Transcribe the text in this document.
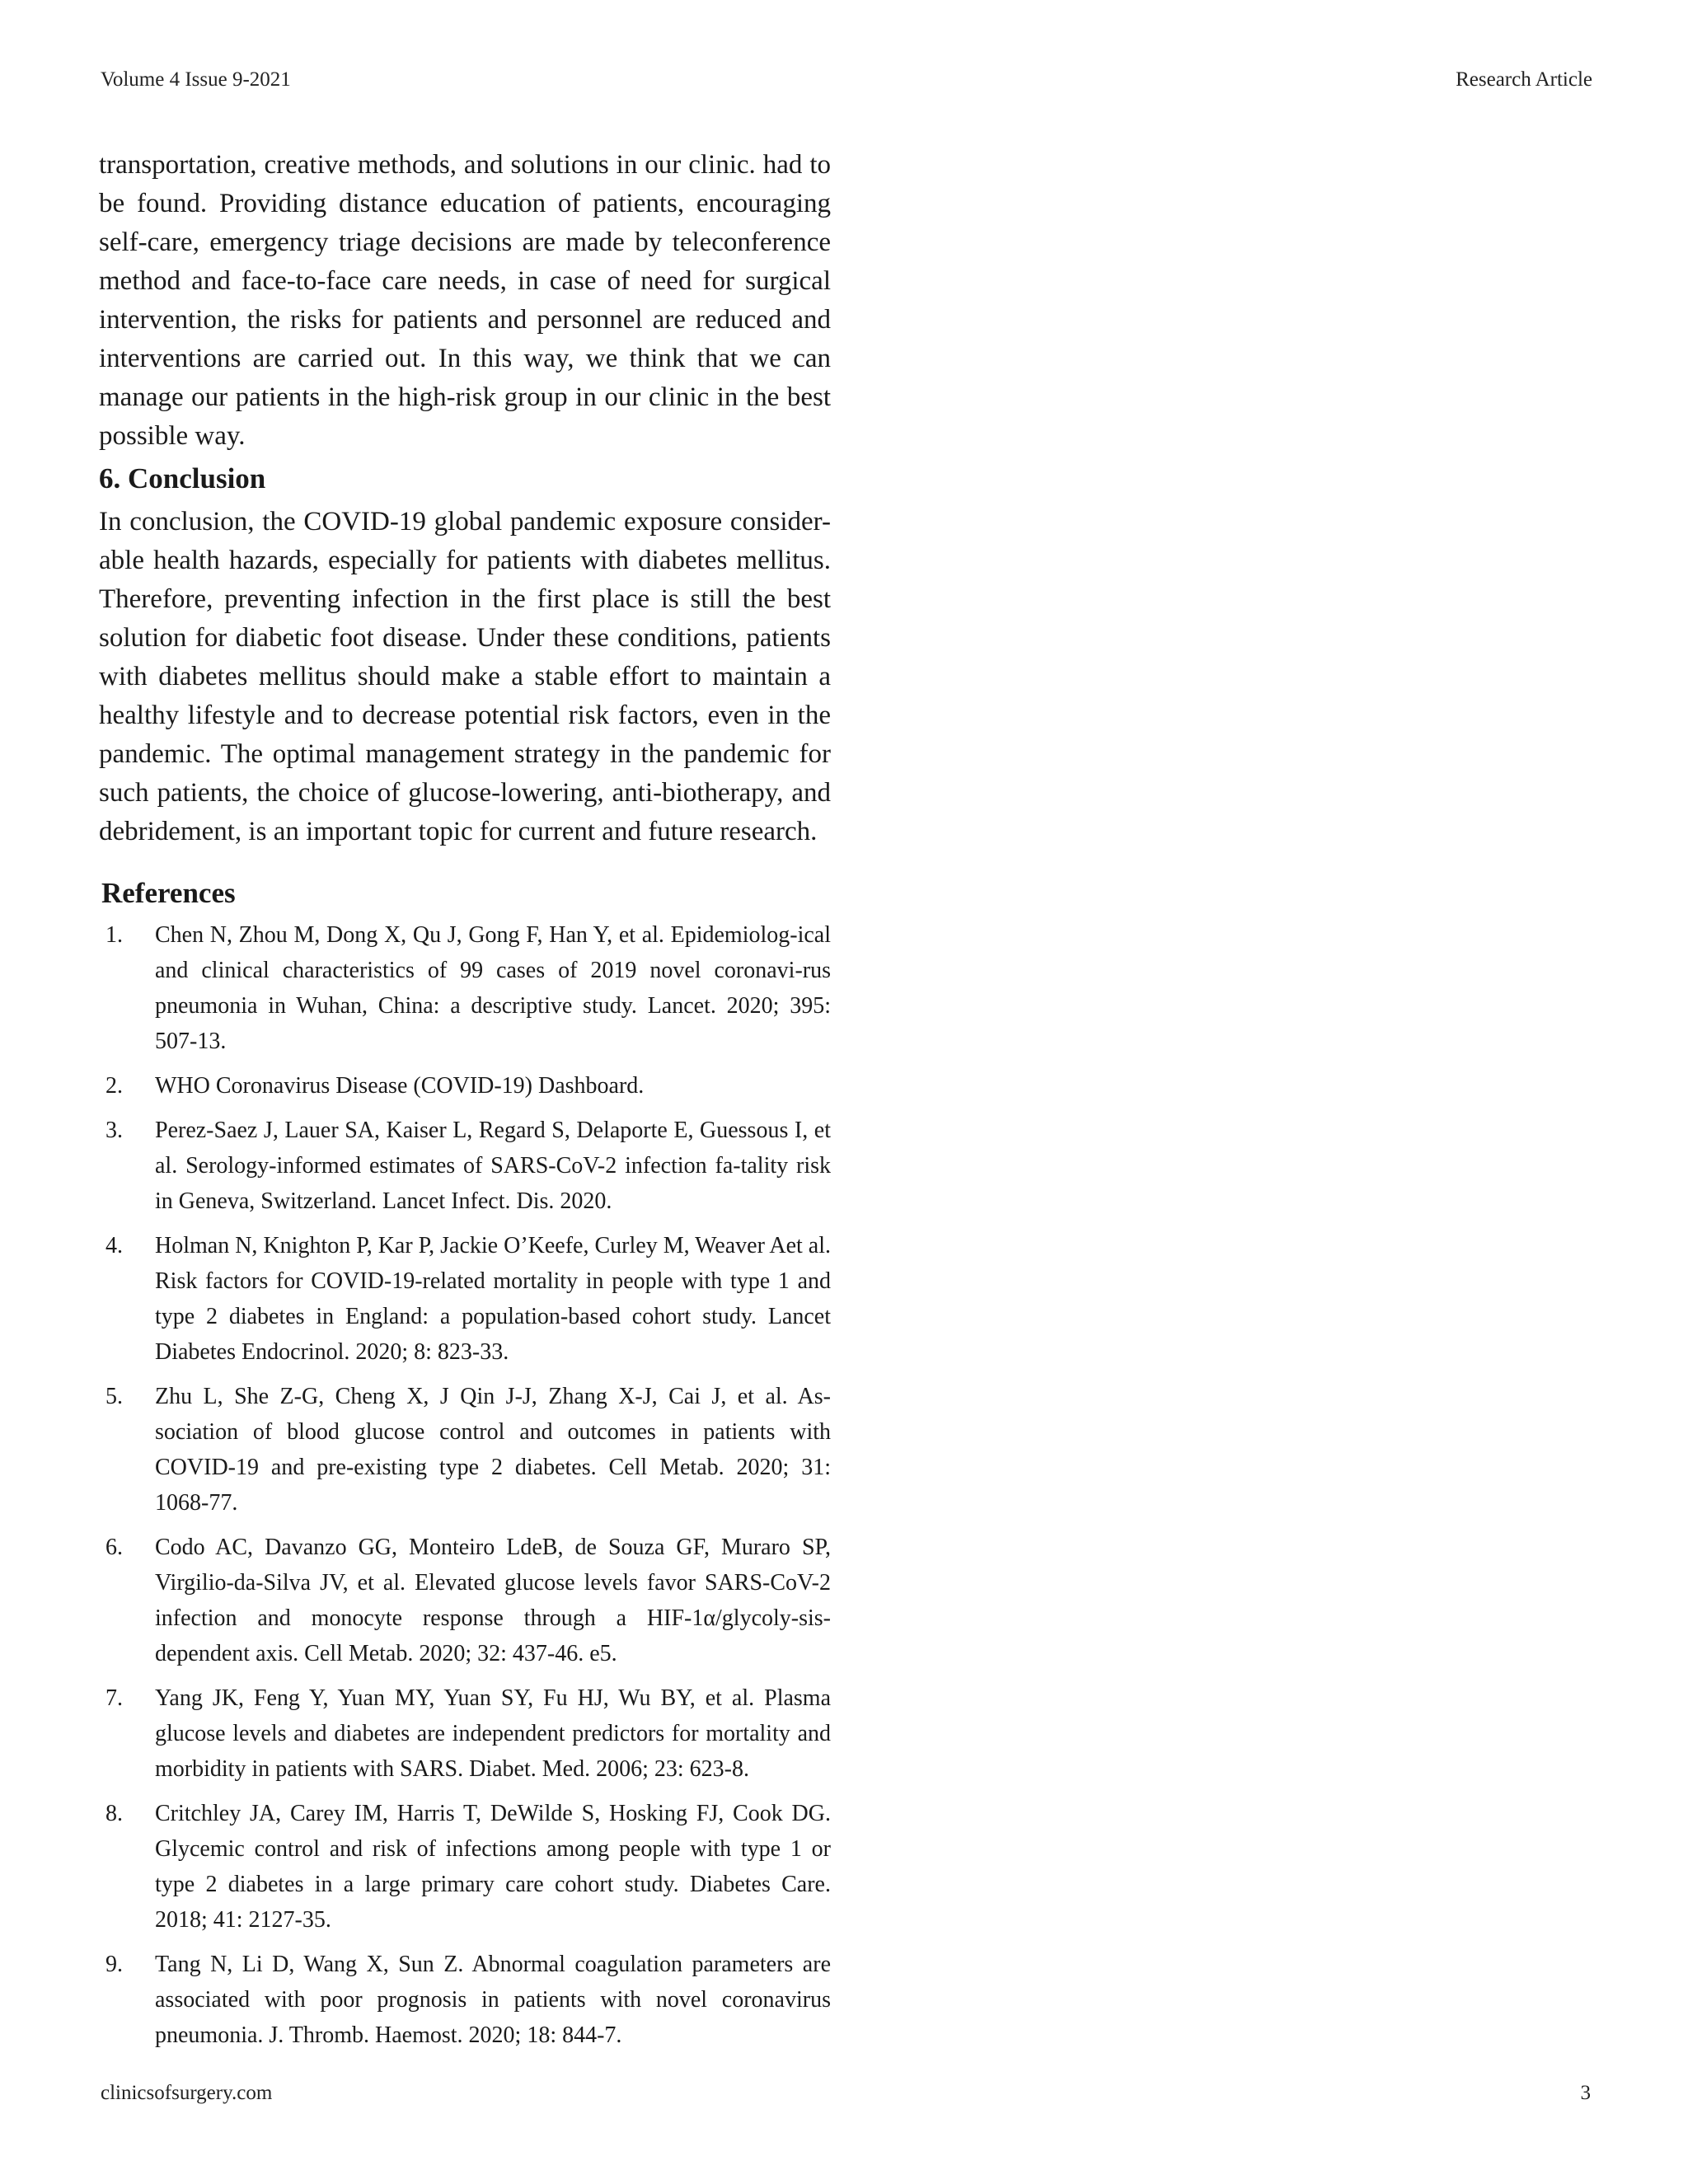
Volume 4 Issue 9-2021	Research Article

transportation, creative methods, and solutions in our clinic. had to be found. Providing distance education of patients, encouraging self-care, emergency triage decisions are made by teleconference method and face-to-face care needs, in case of need for surgical intervention, the risks for patients and personnel are reduced and interventions are carried out. In this way, we think that we can manage our patients in the high-risk group in our clinic in the best possible way.

6. Conclusion

In conclusion, the COVID-19 global pandemic exposure consider-able health hazards, especially for patients with diabetes mellitus. Therefore, preventing infection in the first place is still the best solution for diabetic foot disease. Under these conditions, patients with diabetes mellitus should make a stable effort to maintain a healthy lifestyle and to decrease potential risk factors, even in the pandemic. The optimal management strategy in the pandemic for such patients, the choice of glucose-lowering, anti-biotherapy, and debridement, is an important topic for current and future research.

References
1.	Chen N, Zhou M, Dong X, Qu J, Gong F, Han Y, et al. Epidemiolog-ical and clinical characteristics of 99 cases of 2019 novel coronavi-rus pneumonia in Wuhan, China: a descriptive study. Lancet. 2020; 395: 507-13.
2.	WHO Coronavirus Disease (COVID-19) Dashboard.
3.	Perez-Saez J, Lauer SA, Kaiser L, Regard S, Delaporte E, Guessous I, et al. Serology-informed estimates of SARS-CoV-2 infection fa-tality risk in Geneva, Switzerland. Lancet Infect. Dis. 2020.
4.	Holman N, Knighton P, Kar P, Jackie O’Keefe, Curley M, Weaver Aet al. Risk factors for COVID-19-related mortality in people with type 1 and type 2 diabetes in England: a population-based cohort study. Lancet Diabetes Endocrinol. 2020; 8: 823-33.
5.	Zhu L, She Z-G, Cheng X, J Qin J-J, Zhang X-J, Cai J, et al. As-sociation of blood glucose control and outcomes in patients with COVID-19 and pre-existing type 2 diabetes. Cell Metab. 2020; 31: 1068-77.
6.	Codo AC, Davanzo GG, Monteiro LdeB, de Souza GF, Muraro SP, Virgilio-da-Silva JV, et al. Elevated glucose levels favor SARS-CoV-2 infection and monocyte response through a HIF-1α/glycoly-sis-dependent axis. Cell Metab. 2020; 32: 437-46. e5.
7.	Yang JK, Feng Y, Yuan MY, Yuan SY, Fu HJ, Wu BY, et al. Plasma glucose levels and diabetes are independent predictors for mortality and morbidity in patients with SARS. Diabet. Med. 2006; 23: 623-8.
8.	Critchley JA, Carey IM, Harris T, DeWilde S, Hosking FJ, Cook DG. Glycemic control and risk of infections among people with type 1 or type 2 diabetes in a large primary care cohort study. Diabetes Care. 2018; 41: 2127-35.
9.	Tang N, Li D, Wang X, Sun Z. Abnormal coagulation parameters are associated with poor prognosis in patients with novel coronavirus pneumonia. J. Thromb. Haemost. 2020; 18: 844-7.
clinicsofsurgery.com	3
